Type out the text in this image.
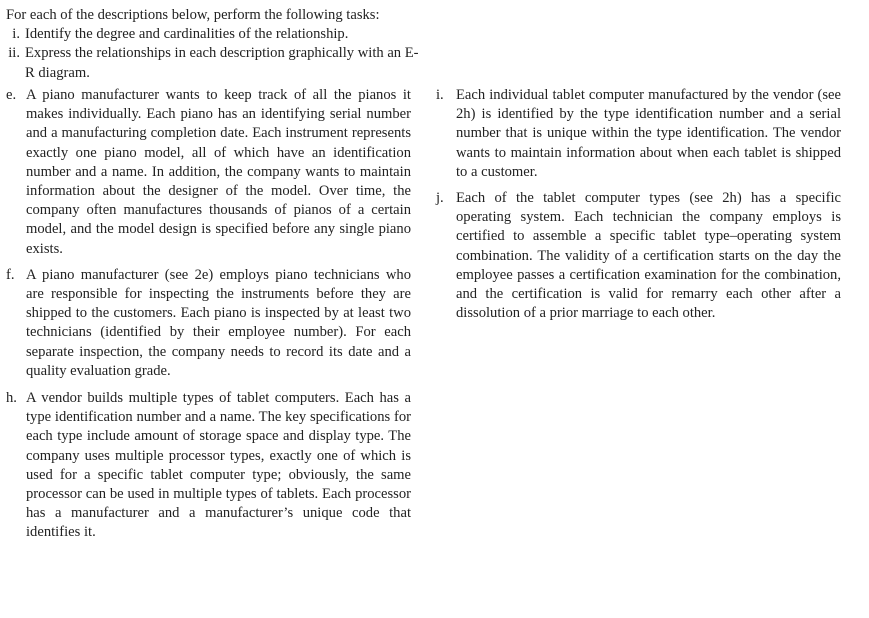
For each of the descriptions below, perform the following tasks:

i. Identify the degree and cardinalities of the relationship.
ii. Express the relationships in each description graphically with an E-R diagram.
e. A piano manufacturer wants to keep track of all the pianos it makes individually. Each piano has an identifying serial number and a manufacturing completion date. Each instrument represents exactly one piano model, all of which have an identification number and a name. In addition, the company wants to maintain information about the designer of the model. Over time, the company often manufactures thousands of pianos of a certain model, and the model design is specified before any single piano exists.
f. A piano manufacturer (see 2e) employs piano technicians who are responsible for inspecting the instruments before they are shipped to the customers. Each piano is inspected by at least two technicians (identified by their employee number). For each separate inspection, the company needs to record its date and a quality evaluation grade.
h. A vendor builds multiple types of tablet computers. Each has a type identification number and a name. The key specifications for each type include amount of storage space and display type. The company uses multiple processor types, exactly one of which is used for a specific tablet computer type; obviously, the same processor can be used in multiple types of tablets. Each processor has a manufacturer and a manufacturer’s unique code that identifies it.
i. Each individual tablet computer manufactured by the vendor (see 2h) is identified by the type identification number and a serial number that is unique within the type identification. The vendor wants to maintain information about when each tablet is shipped to a customer.
j. Each of the tablet computer types (see 2h) has a specific operating system. Each technician the company employs is certified to assemble a specific tablet type–operating system combination. The validity of a certification starts on the day the employee passes a certification examination for the combination, and the certification is valid for remarry each other after a dissolution of a prior marriage to each other.
